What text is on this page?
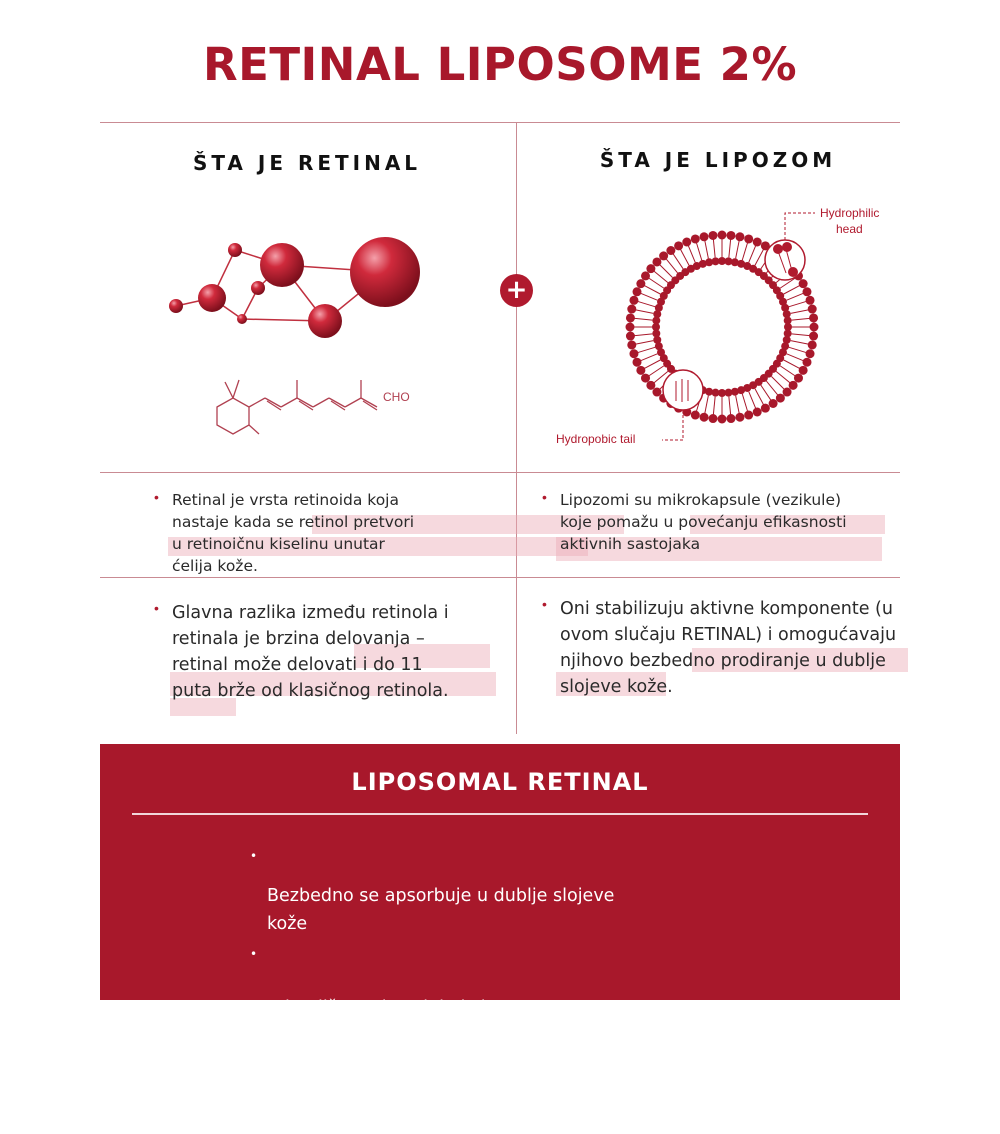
RETINAL LIPOSOME 2%
ŠTA JE RETINAL	ŠTA JE LIPOZOM
CHO
+
Hydrophilic head
Hydropobic tail
• Retinal je vrsta retinoida koja
nastaje kada se retinol pretvori
u retinoičnu kiselinu unutar
ćelija kože.
• Lipozomi su mikrokapsule (vezikule)
koje pomažu u povećanju efikasnosti
aktivnih sastojaka
• Glavna razlika između retinola i
retinala je brzina delovanja –
retinal može delovati i do 11
puta brže od klasičnog retinola.
• Oni stabilizuju aktivne komponente (u
ovom slučaju RETINAL) i omogućavaju
njihovo bezbedno prodiranje u dublje
slojeve kože.
LIPOSOMAL RETINAL

•

Bezbedno se apsorbuje u dublje slojeve
kože

•

Stimuliše proizvodnju kolagena

•

Pomaže u ublažavanju bora, pigmentacija
i poboljšava elastičnost kože
